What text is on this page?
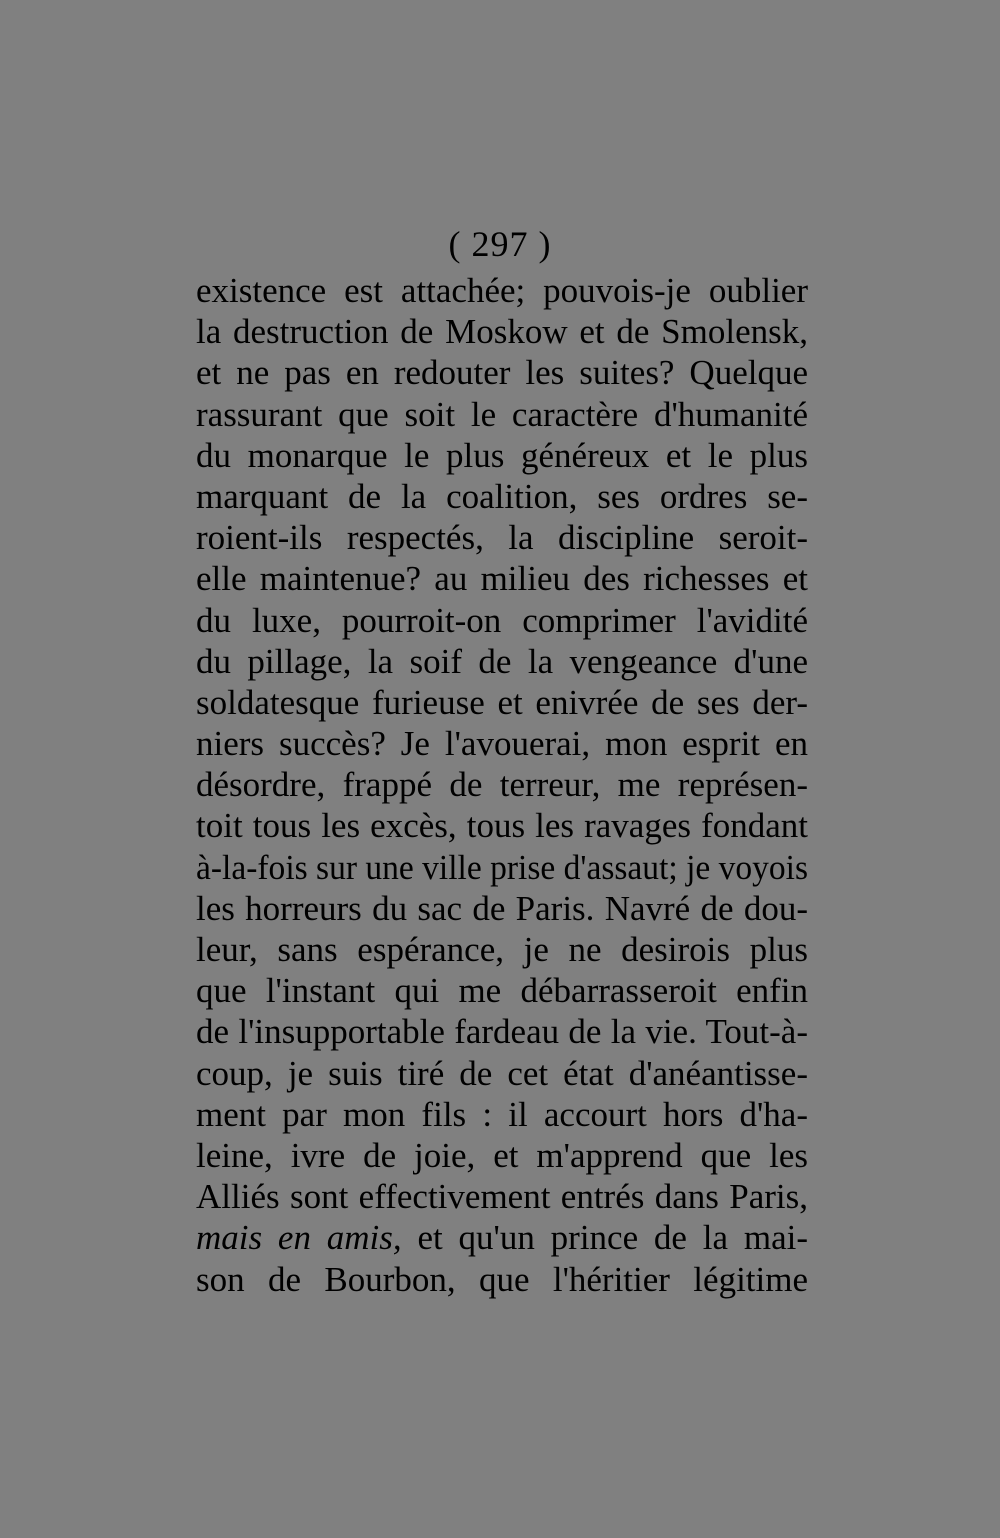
( 297 )
existence est attachée; pouvois-je oublier
la destruction de Moskow et de Smolensk,
et ne pas en redouter les suites? Quelque
rassurant que soit le caractère d'humanité
du monarque le plus généreux et le plus
marquant de la coalition, ses ordres se-
roient-ils respectés, la discipline seroit-
elle maintenue? au milieu des richesses et
du luxe, pourroit-on comprimer l'avidité
du pillage, la soif de la vengeance d'une
soldatesque furieuse et enivrée de ses der-
niers succès? Je l'avouerai, mon esprit en
désordre, frappé de terreur, me représen-
toit tous les excès, tous les ravages fondant
à-la-fois sur une ville prise d'assaut; je voyois
les horreurs du sac de Paris. Navré de dou-
leur, sans espérance, je ne desirois plus
que l'instant qui me débarrasseroit enfin
de l'insupportable fardeau de la vie. Tout-à-
coup, je suis tiré de cet état d'anéantisse-
ment par mon fils : il accourt hors d'ha-
leine, ivre de joie, et m'apprend que les
Alliés sont effectivement entrés dans Paris,
mais en amis, et qu'un prince de la mai-
son de Bourbon, que l'héritier légitime
